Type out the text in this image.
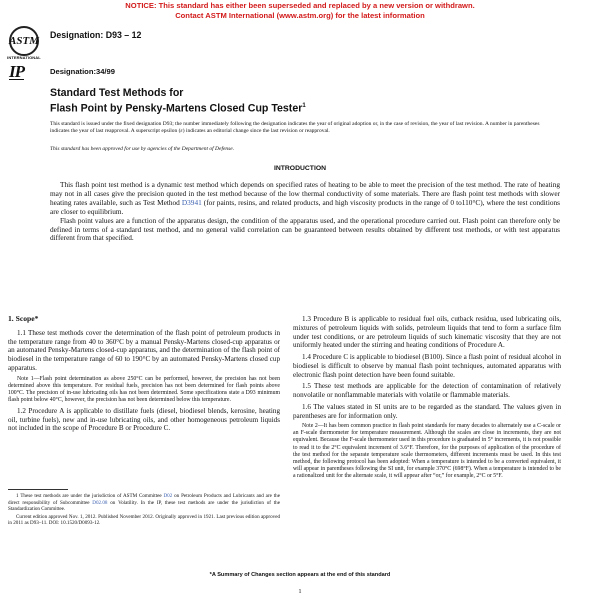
NOTICE: This standard has either been superseded and replaced by a new version or withdrawn.
Contact ASTM International (www.astm.org) for the latest information
ASTM
INTERNATIONAL
Designation: D93 – 12
IP	Designation:34/99
Standard Test Methods for
Flash Point by Pensky-Martens Closed Cup Tester$^1$
This standard is issued under the fixed designation D93; the number immediately following the designation indicates the year of original adoption or, in the case of revision, the year of last revision. A number in parentheses indicates the year of last reapproval. A superscript epsilon (ε) indicates an editorial change since the last revision or reapproval.
This standard has been approved for use by agencies of the Department of Defense.
INTRODUCTION

This flash point test method is a dynamic test method which depends on specified rates of heating to be able to meet the precision of the test method. The rate of heating may not in all cases give the precision quoted in the test method because of the low thermal conductivity of some materials. There are flash point test methods with slower heating rates available, such as Test Method D3941 (for paints, resins, and related products, and high viscosity products in the range of 0 to110°C), where the test conditions are closer to equilibrium.

Flash point values are a function of the apparatus design, the condition of the apparatus used, and the operational procedure carried out. Flash point can therefore only be defined in terms of a standard test method, and no general valid correlation can be guaranteed between results obtained by different test methods, or with test apparatus different from that specified.

1. Scope*

1.1 These test methods cover the determination of the flash point of petroleum products in the temperature range from 40 to 360°C by a manual Pensky-Martens closed-cup apparatus or an automated Pensky-Martens closed-cup apparatus, and the determination of the flash point of biodiesel in the temperature range of 60 to 190°C by an automated Pensky-Martens closed cup apparatus.

Note 1—Flash point determination as above 250°C can be performed, however, the precision has not been determined above this temperature. For residual fuels, precision has not been determined for flash points above 100°C. The precision of in-use lubricating oils has not been determined. Some specifications state a D93 minimum flash point below 40°C, however, the precision has not been determined below this temperature.

1.2 Procedure A is applicable to distillate fuels (diesel, biodiesel blends, kerosine, heating oil, turbine fuels), new and in-use lubricating oils, and other homogeneous petroleum liquids not included in the scope of Procedure B or Procedure C.

1.3 Procedure B is applicable to residual fuel oils, cutback residua, used lubricating oils, mixtures of petroleum liquids with solids, petroleum liquids that tend to form a surface film under test conditions, or are petroleum liquids of such kinematic viscosity that they are not uniformly heated under the stirring and heating conditions of Procedure A.

1.4 Procedure C is applicable to biodiesel (B100). Since a flash point of residual alcohol in biodiesel is difficult to observe by manual flash point techniques, automated apparatus with electronic flash point detection have been found suitable.

1.5 These test methods are applicable for the detection of contamination of relatively nonvolatile or nonflammable materials with volatile or flammable materials.

1.6 The values stated in SI units are to be regarded as the standard. The values given in parentheses are for information only.

Note 2—It has been common practice in flash point standards for many decades to alternately use a C-scale or an F-scale thermometer for temperature measurement. Although the scales are close in increments, they are not equivalent. Because the F-scale thermometer used in this procedure is graduated in 5° increments, it is not possible to read it to the 2°C equivalent increment of 3.6°F. Therefore, for the purposes of application of the procedure of the test method for the separate temperature scale thermometers, different increments must be used. In this test method, the following protocol has been adopted: When a temperature is intended to be a converted equivalent, it will appear in parentheses following the SI unit, for example 370°C (698°F). When a temperature is intended to be a rationalized unit for the alternate scale, it will appear after “or,” for example, 2°C or 5°F.

1 These test methods are under the jurisdiction of ASTM Committee D02 on Petroleum Products and Lubricants and are the direct responsibility of Subcommittee D02.08 on Volatility. In the IP, these test methods are under the jurisdiction of the Standardization Committee.

Current edition approved Nov. 1, 2012. Published November 2012. Originally approved in 1921. Last previous edition approved in 2011 as D93–11. DOI: 10.1520/D0093-12.

*A Summary of Changes section appears at the end of this standard
1
